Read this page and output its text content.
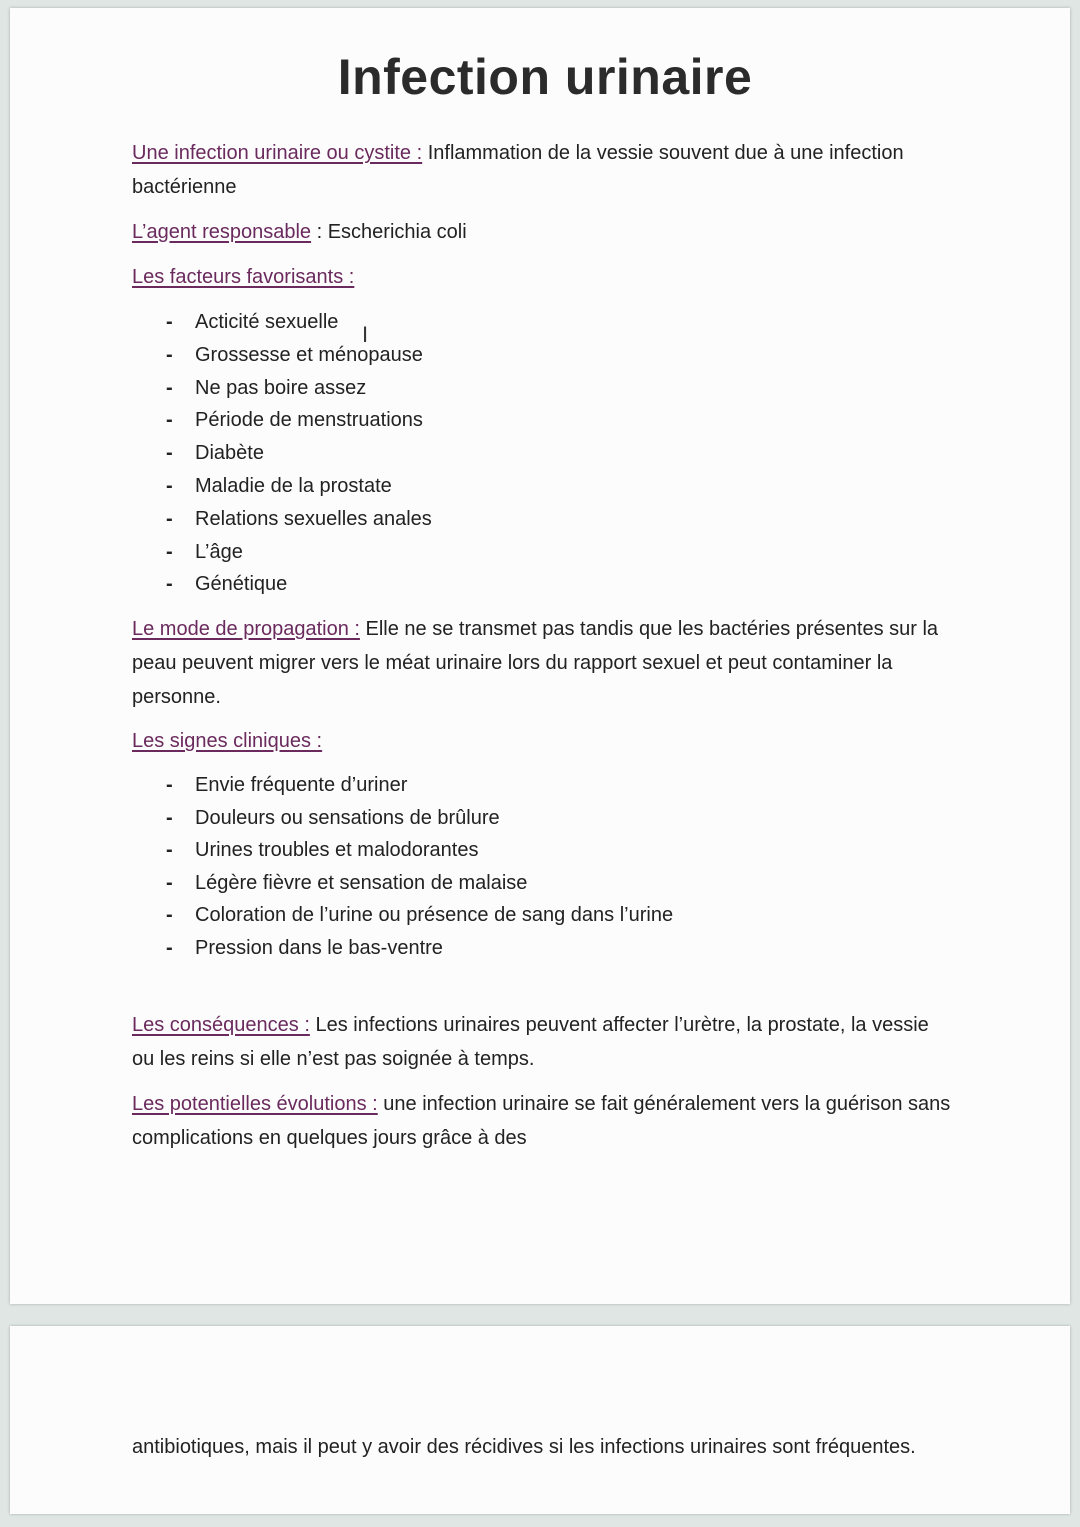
Infection urinaire
Une infection urinaire ou cystite : Inflammation de la vessie souvent due à une infection bactérienne
L’agent responsable : Escherichia coli
Les facteurs favorisants :
- Acticité sexuelle
- Grossesse et ménopause
- Ne pas boire assez
- Période de menstruations
- Diabète
- Maladie de la prostate
- Relations sexuelles anales
- L’âge
- Génétique
I
Le mode de propagation : Elle ne se transmet pas tandis que les bactéries présentes sur la peau peuvent migrer vers le méat urinaire lors du rapport sexuel et peut contaminer la personne.
Les signes cliniques :
- Envie fréquente d’uriner
- Douleurs ou sensations de brûlure
- Urines troubles et malodorantes
- Légère fièvre et sensation de malaise
- Coloration de l’urine ou présence de sang dans l’urine
- Pression dans le bas-ventre
Les conséquences : Les infections urinaires peuvent affecter l’urètre, la prostate, la vessie ou les reins si elle n’est pas soignée à temps.
Les potentielles évolutions : une infection urinaire se fait généralement vers la guérison sans complications en quelques jours grâce à des
antibiotiques, mais il peut y avoir des récidives si les infections urinaires sont fréquentes.
